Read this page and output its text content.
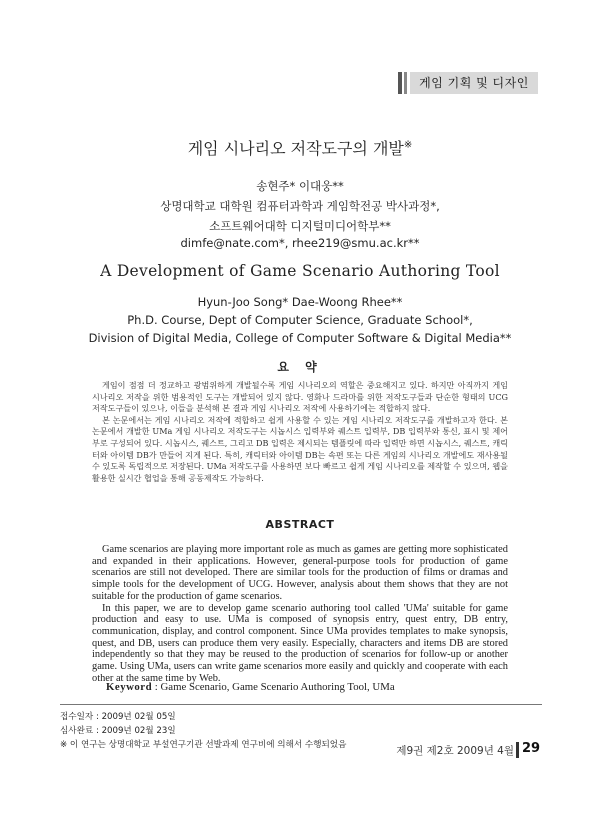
게임 기획 및 디자인
게임 시나리오 저작도구의 개발※
송현주* 이대웅**
상명대학교 대학원 컴퓨터과학과 게임학전공 박사과정*,
소프트웨어대학 디지털미디어학부**
dimfe@nate.com*, rhee219@smu.ac.kr**
A Development of Game Scenario Authoring Tool
Hyun-Joo Song* Dae-Woong Rhee**
Ph.D. Course, Dept of Computer Science, Graduate School*,
Division of Digital Media, College of Computer Software & Digital Media**
요 약

게임이 점점 더 정교하고 광범위하게 개발될수록 게임 시나리오의 역할은 중요해지고 있다. 하지만 아직까지 게임 시나리오 저작을 위한 범용적인 도구는 개발되어 있지 않다. 영화나 드라마를 위한 저작도구들과 단순한 형태의 UCG 저작도구들이 있으나, 이들을 분석해 본 결과 게임 시나리오 저작에 사용하기에는 적합하지 않다.

본 논문에서는 게임 시나리오 저작에 적합하고 쉽게 사용할 수 있는 게임 시나리오 저작도구를 개발하고자 한다. 본 논문에서 개발한 UMa 게임 시나리오 저작도구는 시놉시스 입력부와 퀘스트 입력부, DB 입력부와 통신, 표시 및 제어부로 구성되어 있다. 시놉시스, 퀘스트, 그리고 DB 입력은 제시되는 템플릿에 따라 입력만 하면 시놉시스, 퀘스트, 캐릭터와 아이템 DB가 만들어 지게 된다. 특히, 캐릭터와 아이템 DB는 속편 또는 다른 게임의 시나리오 개발에도 재사용될 수 있도록 독립적으로 저장된다. UMa 저작도구를 사용하면 보다 빠르고 쉽게 게임 시나리오를 제작할 수 있으며, 웹을 활용한 실시간 협업을 통해 공동제작도 가능하다.

ABSTRACT

Game scenarios are playing more important role as much as games are getting more sophisticated and expanded in their applications. However, general-purpose tools for production of game scenarios are still not developed. There are similar tools for the production of films or dramas and simple tools for the development of UCG. However, analysis about them shows that they are not suitable for the production of game scenarios.

In this paper, we are to develop game scenario authoring tool called 'UMa' suitable for game production and easy to use. UMa is composed of synopsis entry, quest entry, DB entry, communication, display, and control component. Since UMa provides templates to make synopsis, quest, and DB, users can produce them very easily. Especially, characters and items DB are stored independently so that they may be reused to the production of scenarios for follow-up or another game. Using UMa, users can write game scenarios more easily and quickly and cooperate with each other at the same time by Web.

Keyword : Game Scenario, Game Scenario Authoring Tool, UMa
접수일자 : 2009년 02월 05일
심사완료 : 2009년 02월 23일
※ 이 연구는 상명대학교 부설연구기관 선발과제 연구비에 의해서 수행되었음	제9권 제2호 2009년 4월 29
